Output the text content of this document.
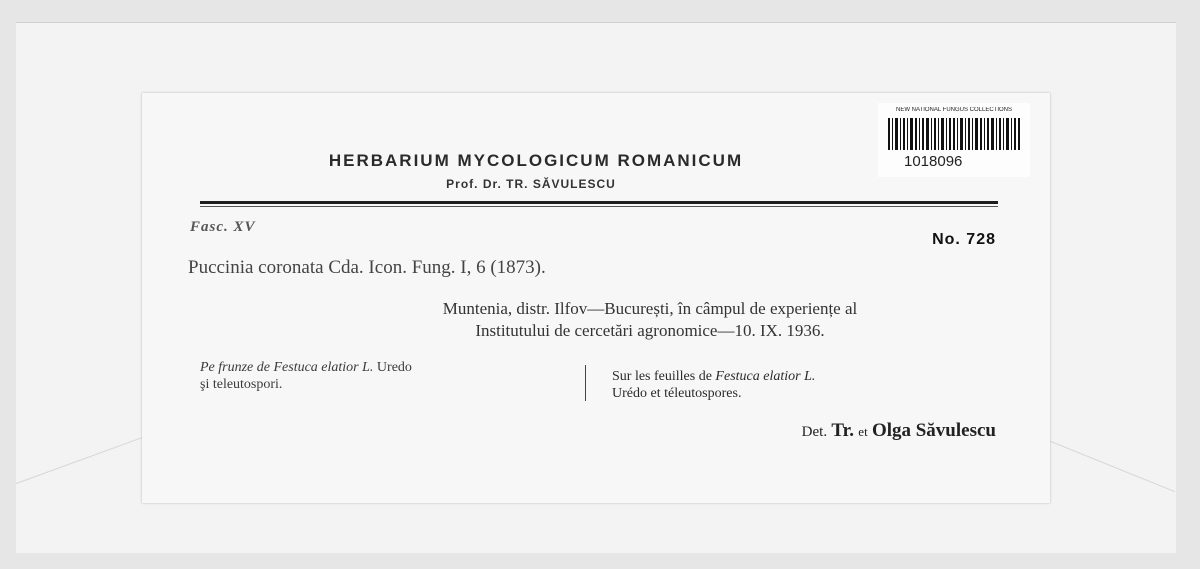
NEW NATIONAL FUNGUS COLLECTIONS
1018096
HERBARIUM MYCOLOGICUM ROMANICUM
Prof. Dr. TR. SĂVULESCU
Fasc. XV
No. 728
Puccinia coronata Cda. Icon. Fung. I, 6 (1873).
Muntenia, distr. Ilfov—București, în câmpul de experiențe al
Institutului de cercetări agronomice—10. IX. 1936.
Pe frunze de Festuca elatior L. Uredo
şi teleutospori.
Sur les feuilles de Festuca elatior L.
Urédo et téleutospores.
Det. Tr. et Olga Săvulescu
